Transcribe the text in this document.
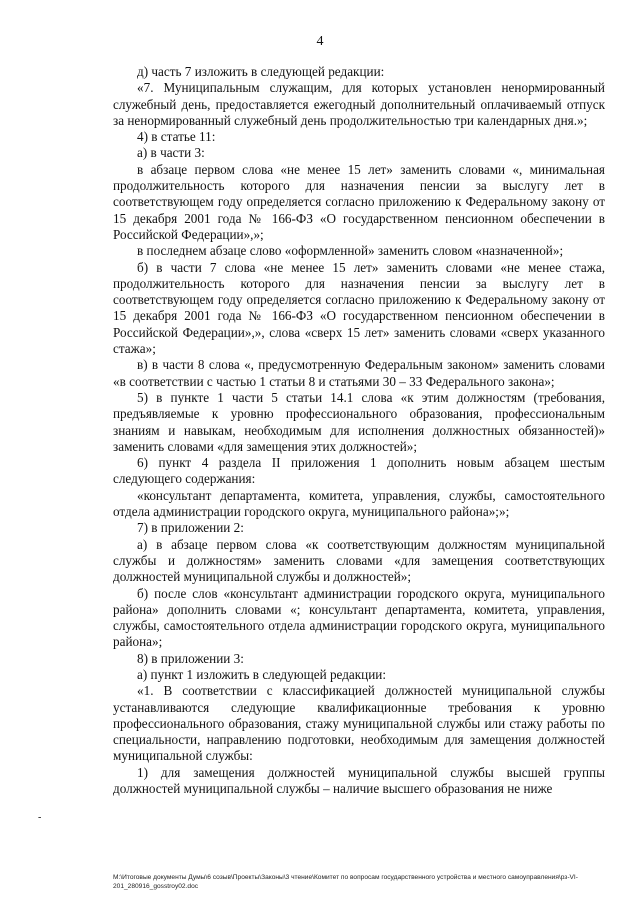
4

д) часть 7 изложить в следующей редакции:

«7. Муниципальным служащим, для которых установлен ненормированный служебный день, предоставляется ежегодный дополнительный оплачиваемый отпуск за ненормированный служебный день продолжительностью три календарных дня.»;

4) в статье 11:

а) в части 3:

в абзаце первом слова «не менее 15 лет» заменить словами «, минимальная продолжительность которого для назначения пенсии за выслугу лет в соответствующем году определяется согласно приложению к Федеральному закону от 15 декабря 2001 года № 166-ФЗ «О государственном пенсионном обеспечении в Российской Федерации»,»;

в последнем абзаце слово «оформленной» заменить словом «назначенной»;

б) в части 7 слова «не менее 15 лет» заменить словами «не менее стажа, продолжительность которого для назначения пенсии за выслугу лет в соответствующем году определяется согласно приложению к Федеральному закону от 15 декабря 2001 года № 166-ФЗ «О государственном пенсионном обеспечении в Российской Федерации»,», слова «сверх 15 лет» заменить словами «сверх указанного стажа»;

в) в части 8 слова «, предусмотренную Федеральным законом» заменить словами «в соответствии с частью 1 статьи 8 и статьями 30 – 33 Федерального закона»;

5) в пункте 1 части 5 статьи 14.1 слова «к этим должностям (требования, предъявляемые к уровню профессионального образования, профессиональным знаниям и навыкам, необходимым для исполнения должностных обязанностей)» заменить словами «для замещения этих должностей»;

6) пункт 4 раздела II приложения 1 дополнить новым абзацем шестым следующего содержания:

«консультант департамента, комитета, управления, службы, самостоятельного отдела администрации городского округа, муниципального района»;»;

7) в приложении 2:

а) в абзаце первом слова «к соответствующим должностям муниципальной службы и должностям» заменить словами «для замещения соответствующих должностей муниципальной службы и должностей»;

б) после слов «консультант администрации городского округа, муниципального района» дополнить словами «; консультант департамента, комитета, управления, службы, самостоятельного отдела администрации городского округа, муниципального района»;

8) в приложении 3:

а) пункт 1 изложить в следующей редакции:

«1. В соответствии с классификацией должностей муниципальной службы устанавливаются следующие квалификационные требования к уровню профессионального образования, стажу муниципальной службы или стажу работы по специальности, направлению подготовки, необходимым для замещения должностей муниципальной службы:

1) для замещения должностей муниципальной службы высшей группы должностей муниципальной службы – наличие высшего образования не ниже

-
M:\Итоговые документы Думы\6 созыв\Проекты\Законы\3 чтение\Комитет по вопросам государственного устройства и местного самоуправления\рз-VI-
201_280916_gosstroy02.doc
